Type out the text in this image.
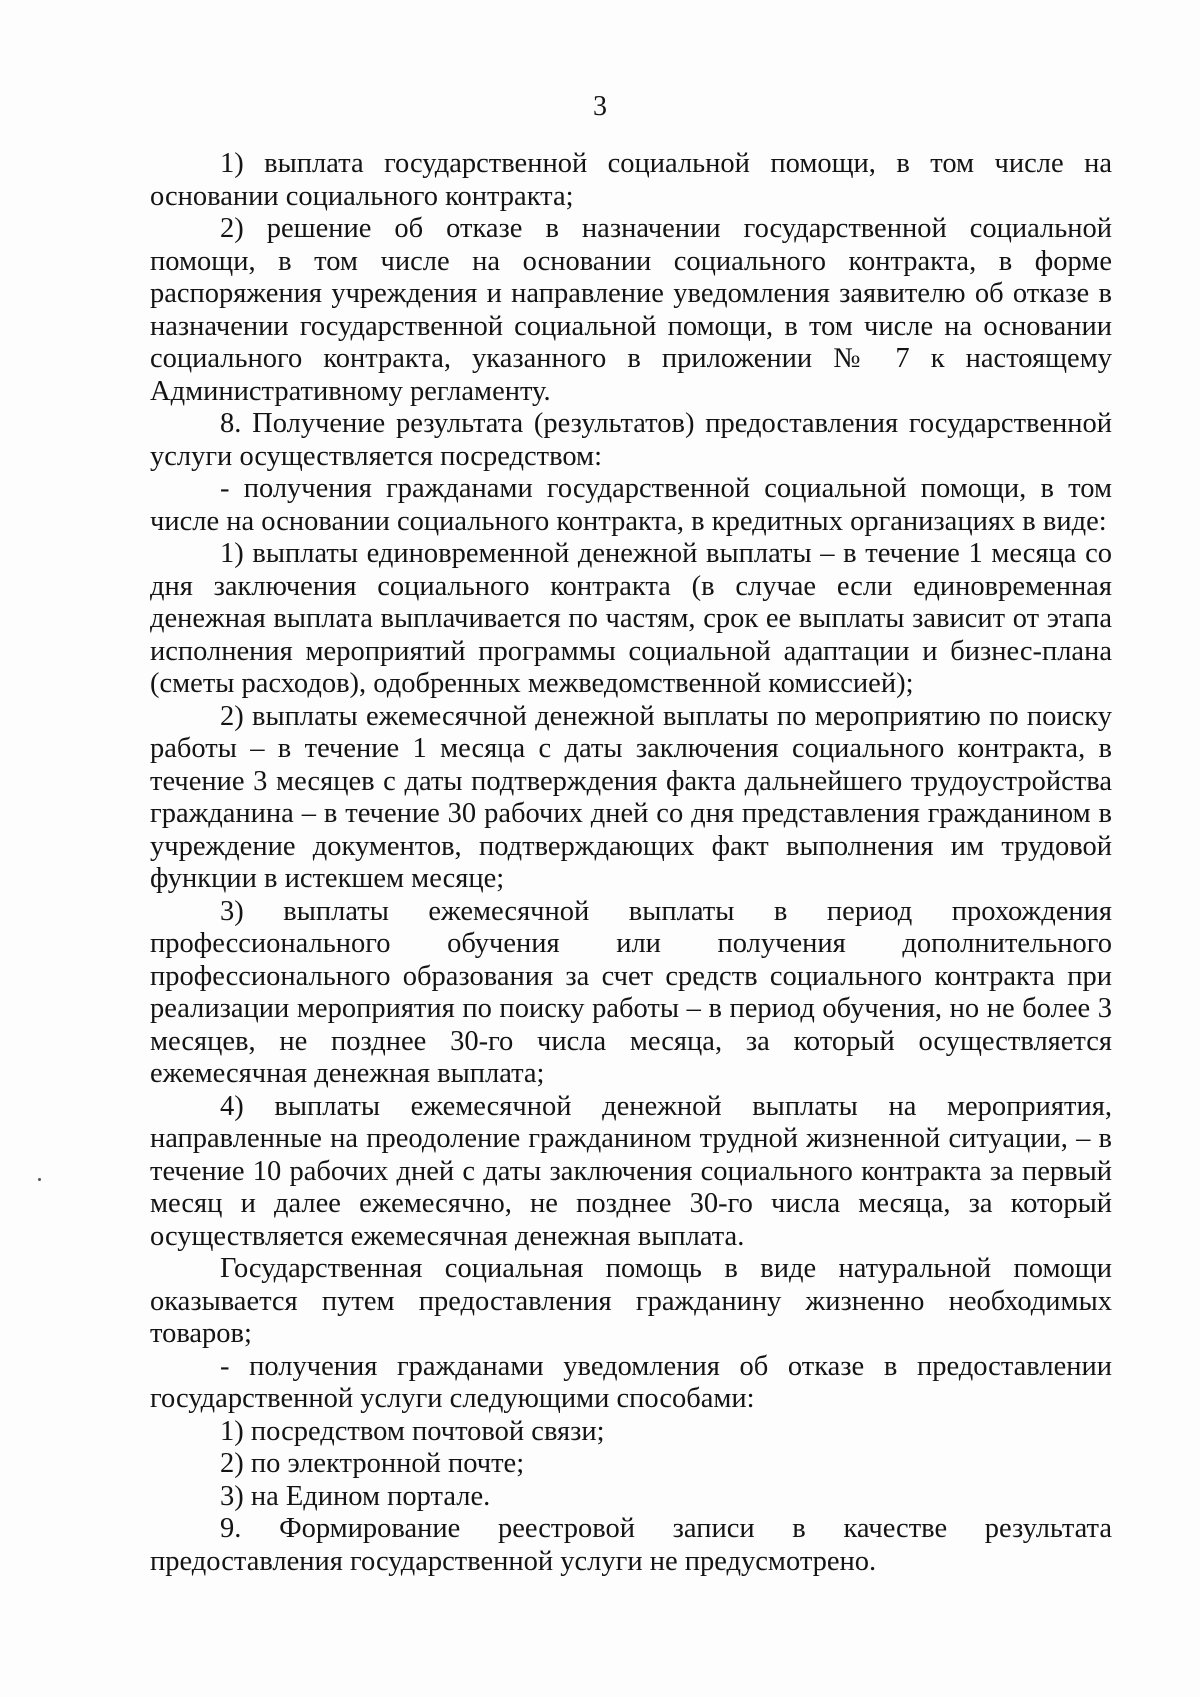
3

1) выплата государственной социальной помощи, в том числе на основании социального контракта;

2) решение об отказе в назначении государственной социальной помощи, в том числе на основании социального контракта, в форме распоряжения учреждения и направление уведомления заявителю об отказе в назначении государственной социальной помощи, в том числе на основании социального контракта, указанного в приложении № 7 к настоящему Административному регламенту.

8. Получение результата (результатов) предоставления государственной услуги осуществляется посредством:

- получения гражданами государственной социальной помощи, в том числе на основании социального контракта, в кредитных организациях в виде:

1) выплаты единовременной денежной выплаты – в течение 1 месяца со дня заключения социального контракта (в случае если единовременная денежная выплата выплачивается по частям, срок ее выплаты зависит от этапа исполнения мероприятий программы социальной адаптации и бизнес-плана (сметы расходов), одобренных межведомственной комиссией);

2) выплаты ежемесячной денежной выплаты по мероприятию по поиску работы – в течение 1 месяца с даты заключения социального контракта, в течение 3 месяцев с даты подтверждения факта дальнейшего трудоустройства гражданина – в течение 30 рабочих дней со дня представления гражданином в учреждение документов, подтверждающих факт выполнения им трудовой функции в истекшем месяце;

3) выплаты ежемесячной выплаты в период прохождения профессионального обучения или получения дополнительного профессионального образования за счет средств социального контракта при реализации мероприятия по поиску работы – в период обучения, но не более 3 месяцев, не позднее 30-го числа месяца, за который осуществляется ежемесячная денежная выплата;

4) выплаты ежемесячной денежной выплаты на мероприятия, направленные на преодоление гражданином трудной жизненной ситуации, – в течение 10 рабочих дней с даты заключения социального контракта за первый месяц и далее ежемесячно, не позднее 30-го числа месяца, за который осуществляется ежемесячная денежная выплата.

Государственная социальная помощь в виде натуральной помощи оказывается путем предоставления гражданину жизненно необходимых товаров;

- получения гражданами уведомления об отказе в предоставлении государственной услуги следующими способами:

1) посредством почтовой связи;

2) по электронной почте;

3) на Едином портале.

9. Формирование реестровой записи в качестве результата предоставления государственной услуги не предусмотрено.
